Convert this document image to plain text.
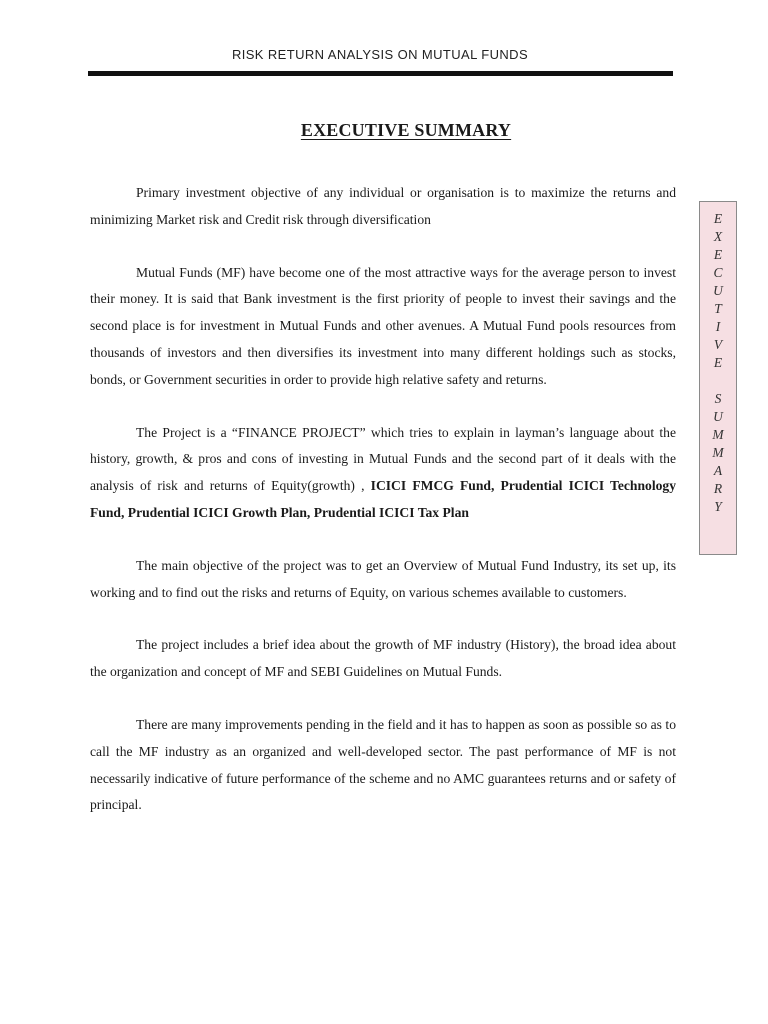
RISK RETURN ANALYSIS ON MUTUAL FUNDS
EXECUTIVE SUMMARY

Primary investment objective of any individual or organisation is to maximize the returns and minimizing Market risk and Credit risk through diversification

Mutual Funds (MF) have become one of the most attractive ways for the average person to invest their money. It is said that Bank investment is the first priority of people to invest their savings and the second place is for investment in Mutual Funds and other avenues. A Mutual Fund pools resources from thousands of investors and then diversifies its investment into many different holdings such as stocks, bonds, or Government securities in order to provide high relative safety and returns.

The Project is a “FINANCE PROJECT” which tries to explain in layman’s language about the history, growth, & pros and cons of investing in Mutual Funds and the second part of it deals with the analysis of risk and returns of Equity(growth) , ICICI FMCG Fund, Prudential ICICI Technology Fund, Prudential ICICI Growth Plan, Prudential ICICI Tax Plan

The main objective of the project was to get an Overview of Mutual Fund Industry, its set up, its working and to find out the risks and returns of Equity, on various schemes available to customers.

The project includes a brief idea about the growth of MF industry (History), the broad idea about the organization and concept of MF and SEBI Guidelines on Mutual Funds.

There are many improvements pending in the field and it has to happen as soon as possible so as to call the MF industry as an organized and well-developed sector. The past performance of MF is not necessarily indicative of future performance of the scheme and no AMC guarantees returns and or safety of principal.

E
X
E
C
U
T
I
V
E
S
U
M
M
A
R
Y
